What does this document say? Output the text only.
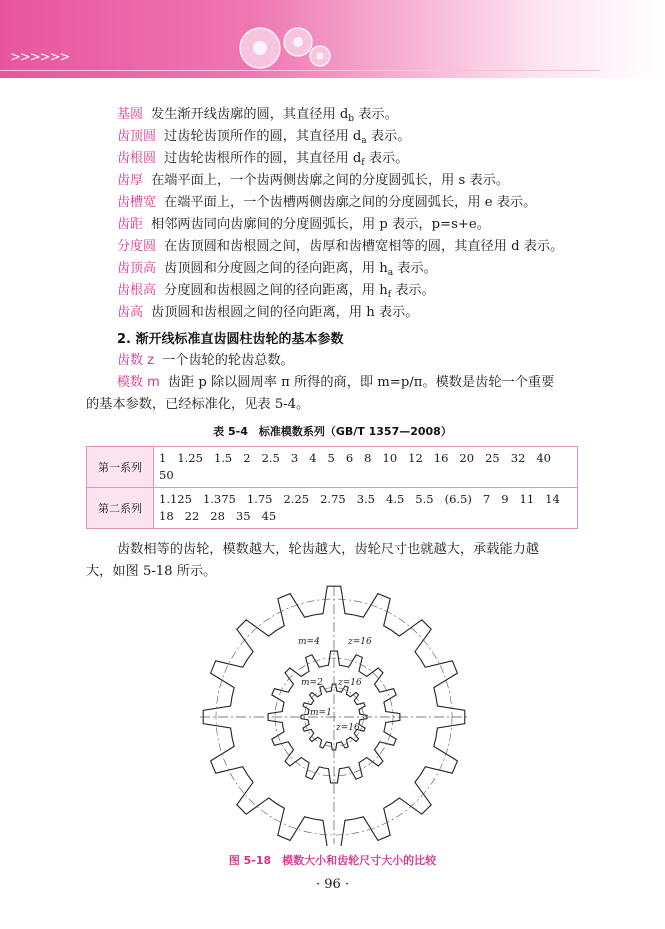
>>>>>>
基圆 发生渐开线齿廓的圆，其直径用 $d_b$ 表示。
齿顶圆 过齿轮齿顶所作的圆，其直径用 $d_a$ 表示。
齿根圆 过齿轮齿根所作的圆，其直径用 $d_f$ 表示。
齿厚 在端平面上，一个齿两侧齿廓之间的分度圆弧长，用 s 表示。
齿槽宽 在端平面上，一个齿槽两侧齿廓之间的分度圆弧长，用 e 表示。
齿距 相邻两齿同向齿廓间的分度圆弧长，用 p 表示，p=s+e。
分度圆 在齿顶圆和齿根圆之间，齿厚和齿槽宽相等的圆，其直径用 d 表示。
齿顶高 齿顶圆和分度圆之间的径向距离，用 $h_a$ 表示。
齿根高 分度圆和齿根圆之间的径向距离，用 $h_f$ 表示。
齿高 齿顶圆和齿根圆之间的径向距离，用 h 表示。
2. 渐开线标准直齿圆柱齿轮的基本参数
齿数 z 一个齿轮的轮齿总数。
模数 m 齿距 p 除以圆周率 π 所得的商，即 m=p/π。模数是齿轮一个重要
的基本参数，已经标准化，见表 5-4。
表 5-4　标准模数系列（GB/T 1357—2008）
第一系列	1 1.25 1.5 2 2.5 3 4 5 6 8 10 12 16 20 25 32 4050
第二系列	1.125 1.375 1.75 2.25 2.75 3.5 4.5 5.5 (6.5) 7 9 11 1418 22 28 35 45
齿数相等的齿轮，模数越大，轮齿越大，齿轮尺寸也就越大，承载能力越
大，如图 5-18 所示。
m=4	z=16
m=2 z=16
m=1
z=16
图 5-18　模数大小和齿轮尺寸大小的比较
· 96 ·
